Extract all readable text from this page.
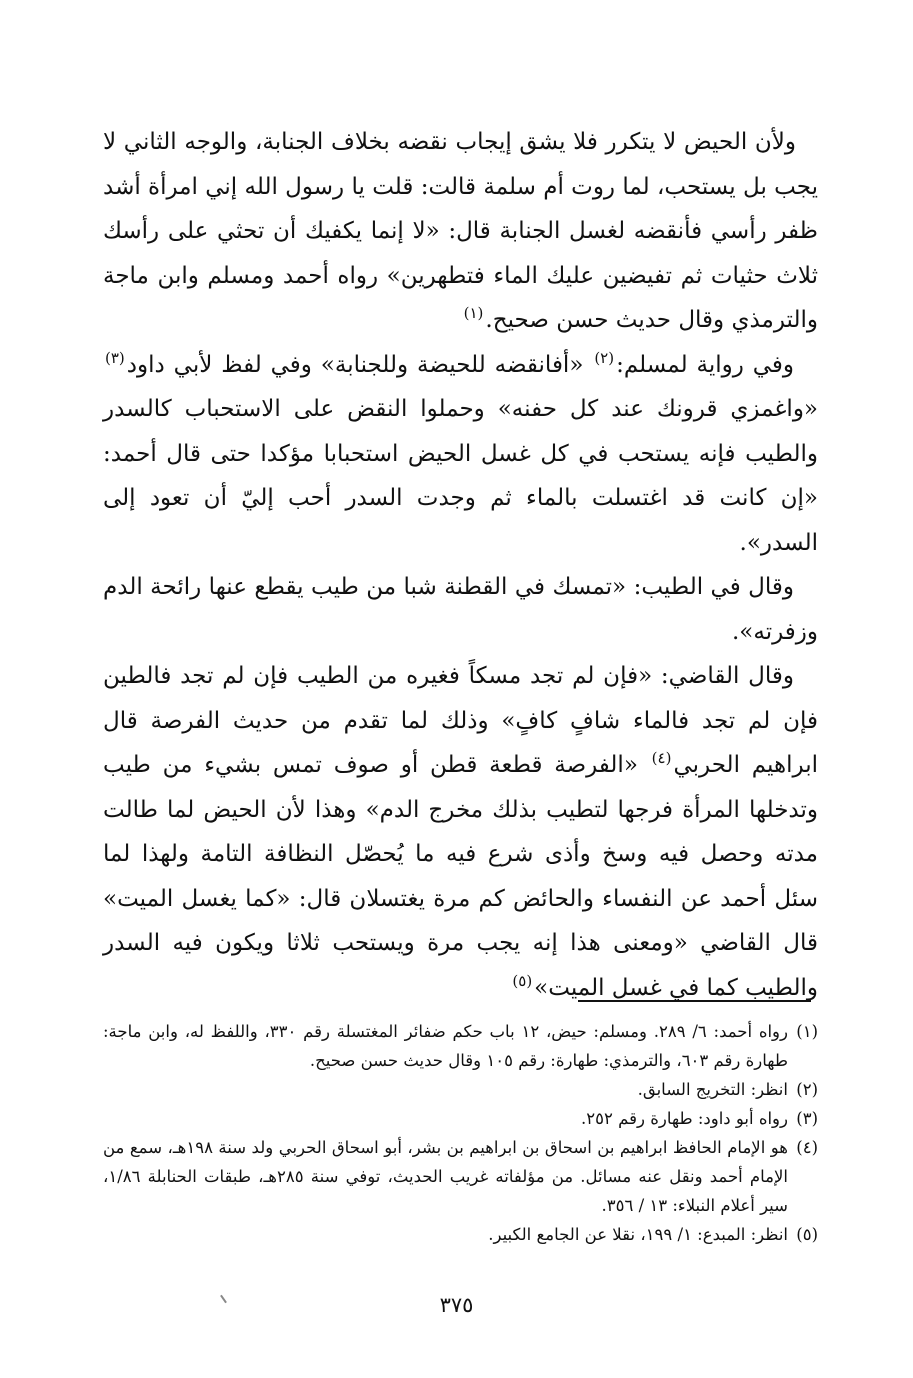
ولأن الحيض لا يتكرر فلا يشق إيجاب نقضه بخلاف الجنابة، والوجه الثاني لا يجب بل يستحب، لما روت أم سلمة قالت: قلت يا رسول الله إني امرأة أشد ظفر رأسي فأنقضه لغسل الجنابة قال: «لا إنما يكفيك أن تحثي على رأسك ثلاث حثيات ثم تفيضين عليك الماء فتطهرين» رواه أحمد ومسلم وابن ماجة والترمذي وقال حديث حسن صحيح.$^{(١)}$

وفي رواية لمسلم:$^{(٢)}$ «أفانقضه للحيضة وللجنابة» وفي لفظ لأبي داود$^{(٣)}$ «واغمزي قرونك عند كل حفنه» وحملوا النقض على الاستحباب كالسدر والطيب فإنه يستحب في كل غسل الحيض استحبابا مؤكدا حتى قال أحمد: «إن كانت قد اغتسلت بالماء ثم وجدت السدر أحب إليّ أن تعود إلى السدر».

وقال في الطيب: «تمسك في القطنة شبا من طيب يقطع عنها رائحة الدم وزفرته».

وقال القاضي: «فإن لم تجد مسكاً فغيره من الطيب فإن لم تجد فالطين فإن لم تجد فالماء شافٍ كافٍ» وذلك لما تقدم من حديث الفرصة قال ابراهيم الحربي$^{(٤)}$ «الفرصة قطعة قطن أو صوف تمس بشيء من طيب وتدخلها المرأة فرجها لتطيب بذلك مخرج الدم» وهذا لأن الحيض لما طالت مدته وحصل فيه وسخ وأذى شرع فيه ما يُحصّل النظافة التامة ولهذا لما سئل أحمد عن النفساء والحائض كم مرة يغتسلان قال: «كما يغسل الميت» قال القاضي «ومعنى هذا إنه يجب مرة ويستحب ثلاثا ويكون فيه السدر والطيب كما في غسل الميت»$^{(٥)}$

(١)رواه أحمد: ٦/ ٢٨٩. ومسلم: حيض، ١٢ باب حكم ضفائر المغتسلة رقم ٣٣٠، واللفظ له، وابن ماجة: طهارة رقم ٦٠٣، والترمذي: طهارة: رقم ١٠٥ وقال حديث حسن صحيح.

(٢)انظر: التخريج السابق.

(٣)رواه أبو داود: طهارة رقم ٢٥٢.

(٤)هو الإمام الحافظ ابراهيم بن اسحاق بن ابراهيم بن بشر، أبو اسحاق الحربي ولد سنة ١٩٨هـ، سمع من الإمام أحمد ونقل عنه مسائل. من مؤلفاته غريب الحديث، توفي سنة ٢٨٥هـ، طبقات الحنابلة ١/٨٦، سير أعلام النبلاء: ١٣ / ٣٥٦.

(٥)انظر: المبدع: ١/ ١٩٩، نقلا عن الجامع الكبير.

٣٧٥
